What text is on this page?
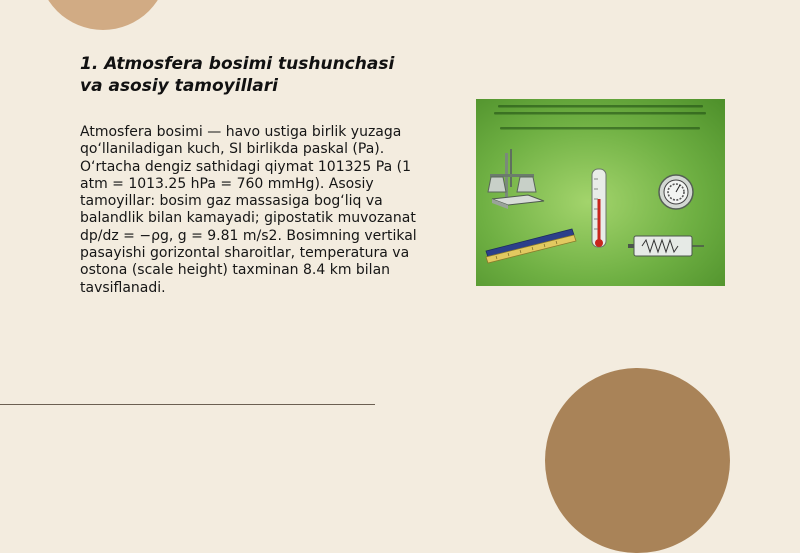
1. Atmosfera bosimi tushunchasi va asosiy tamoyillari

Atmosfera bosimi — havo ustiga birlik yuzaga qo‘llaniladigan kuch, SI birlikda paskal (Pa). O‘rtacha dengiz sathidagi qiymat 101325 Pa (1 atm = 1013.25 hPa = 760 mmHg). Asosiy tamoyillar: bosim gaz massasiga bog‘liq va balandlik bilan kamayadi; gipostatik muvozanat dp/dz = −ρg, g = 9.81 m/s2. Bosimning vertikal pasayishi gorizontal sharoitlar, temperatura va ostona (scale height) taxminan 8.4 km bilan tavsiflanadi.
